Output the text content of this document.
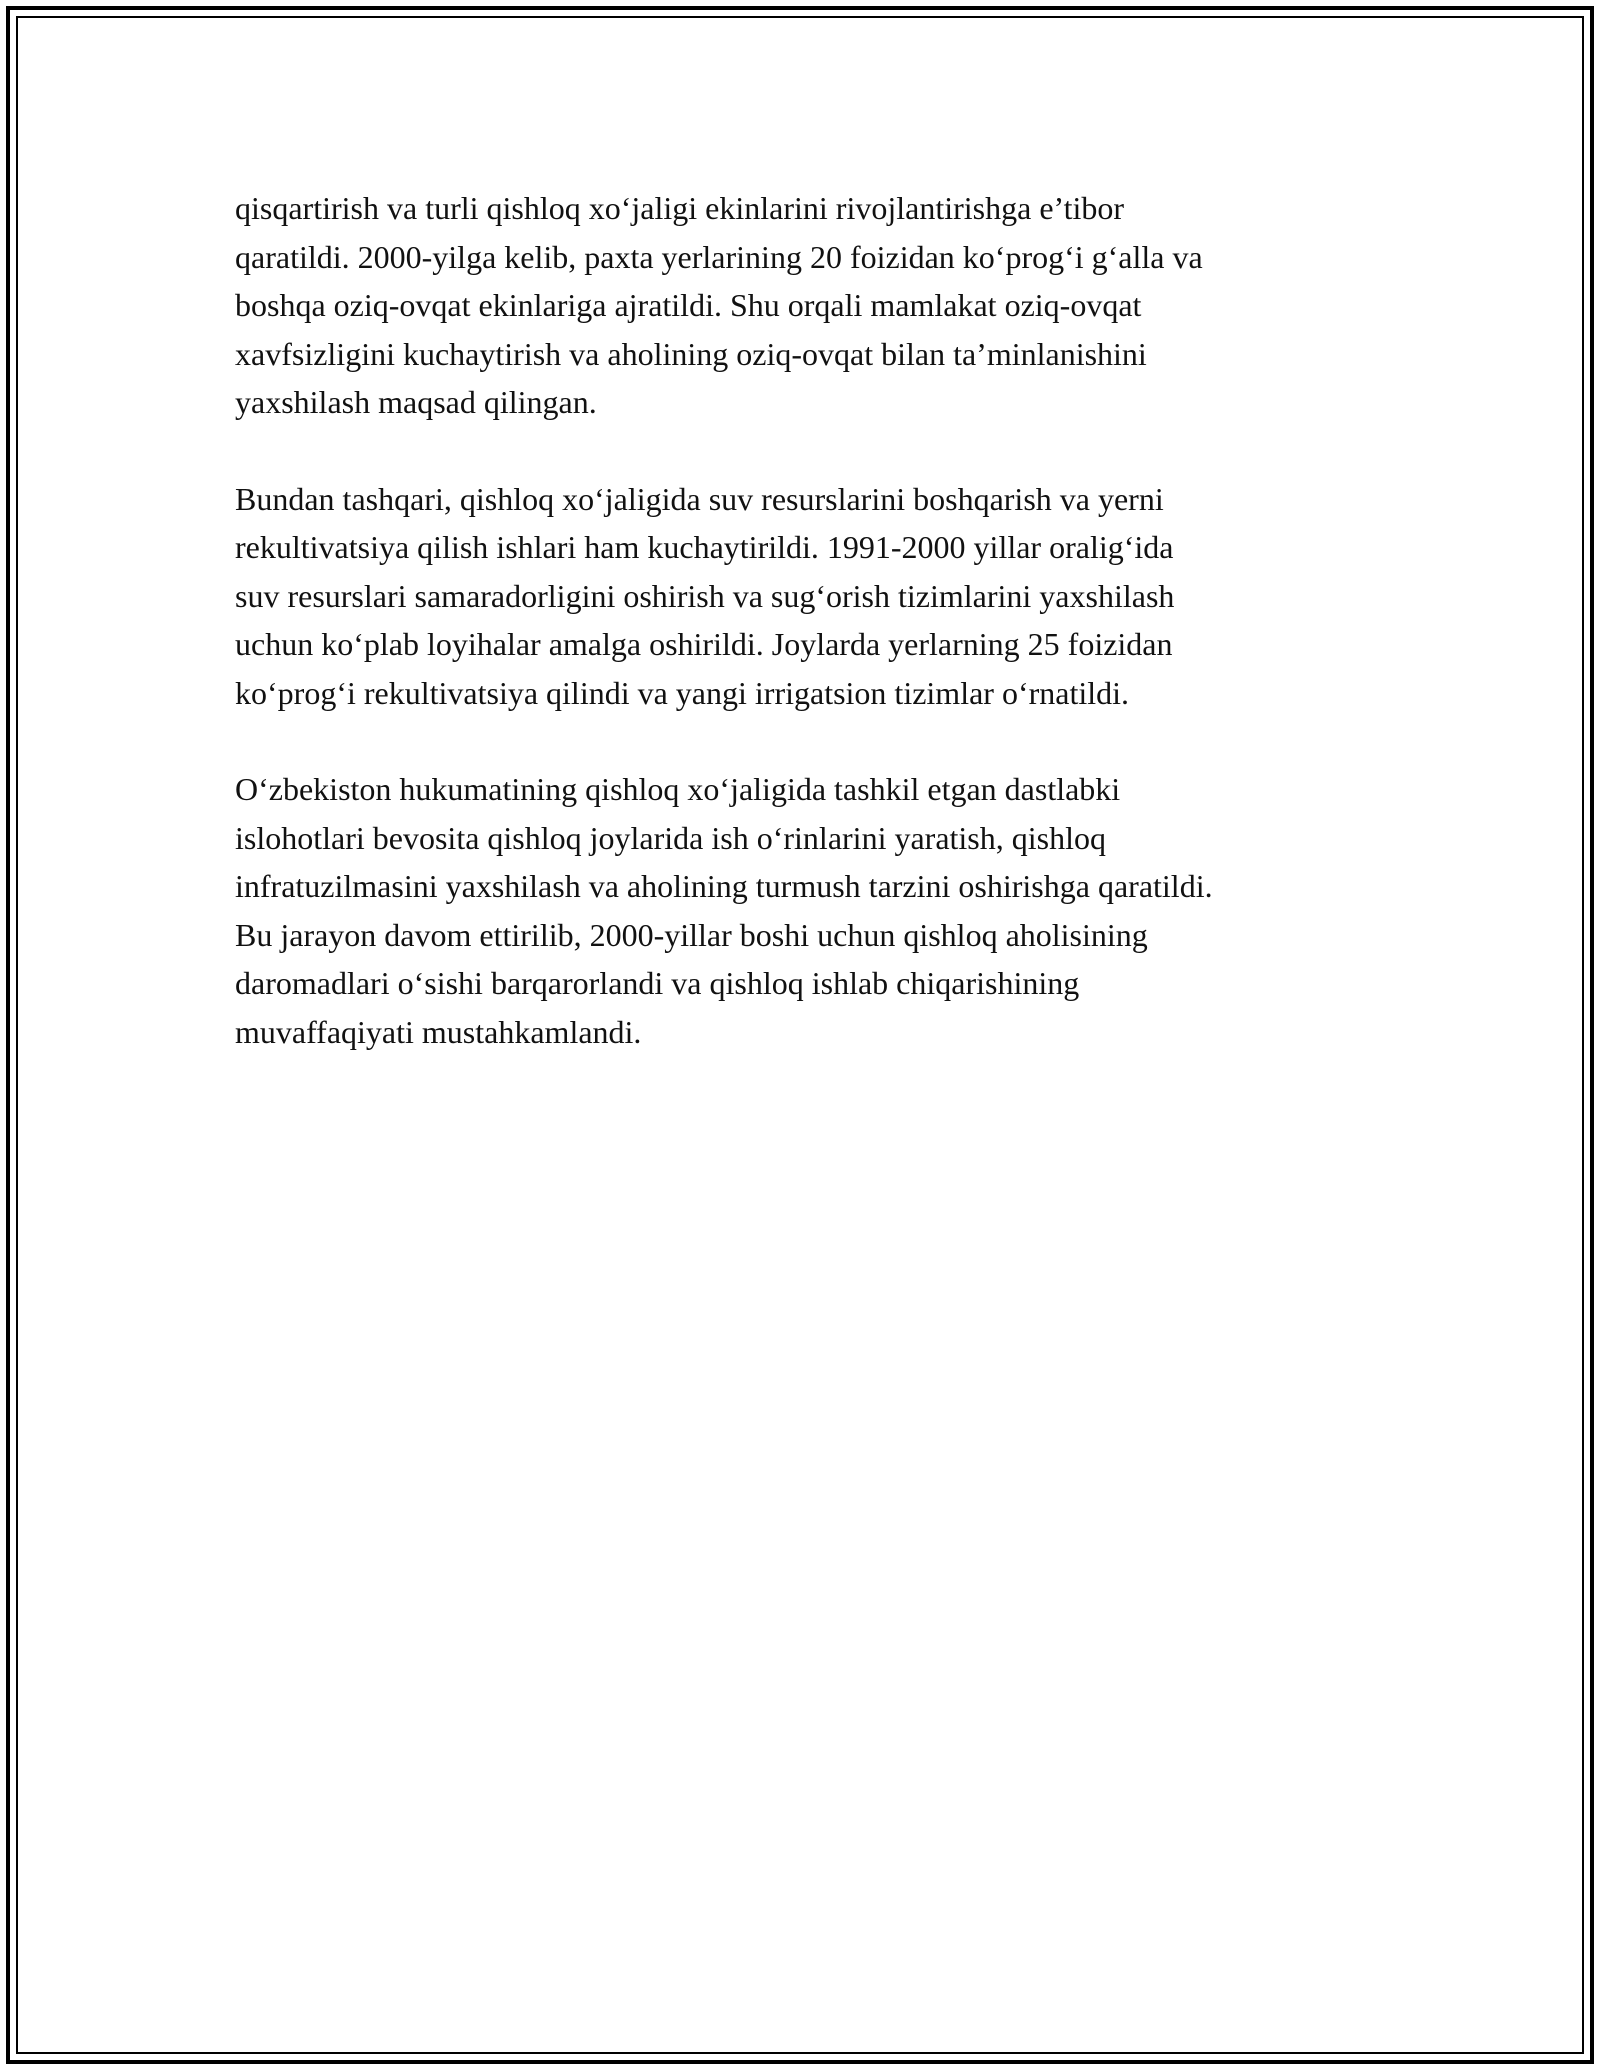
qisqartirish va turli qishloq xo‘jaligi ekinlarini rivojlantirishga e’tibor
qaratildi. 2000-yilga kelib, paxta yerlarining 20 foizidan ko‘prog‘i g‘alla va
boshqa oziq-ovqat ekinlariga ajratildi. Shu orqali mamlakat oziq-ovqat
xavfsizligini kuchaytirish va aholining oziq-ovqat bilan ta’minlanishini
yaxshilash maqsad qilingan.

Bundan tashqari, qishloq xo‘jaligida suv resurslarini boshqarish va yerni
rekultivatsiya qilish ishlari ham kuchaytirildi. 1991-2000 yillar oralig‘ida
suv resurslari samaradorligini oshirish va sug‘orish tizimlarini yaxshilash
uchun ko‘plab loyihalar amalga oshirildi. Joylarda yerlarning 25 foizidan
ko‘prog‘i rekultivatsiya qilindi va yangi irrigatsion tizimlar o‘rnatildi.

O‘zbekiston hukumatining qishloq xo‘jaligida tashkil etgan dastlabki
islohotlari bevosita qishloq joylarida ish o‘rinlarini yaratish, qishloq
infratuzilmasini yaxshilash va aholining turmush tarzini oshirishga qaratildi.
Bu jarayon davom ettirilib, 2000-yillar boshi uchun qishloq aholisining
daromadlari o‘sishi barqarorlandi va qishloq ishlab chiqarishining
muvaffaqiyati mustahkamlandi.
